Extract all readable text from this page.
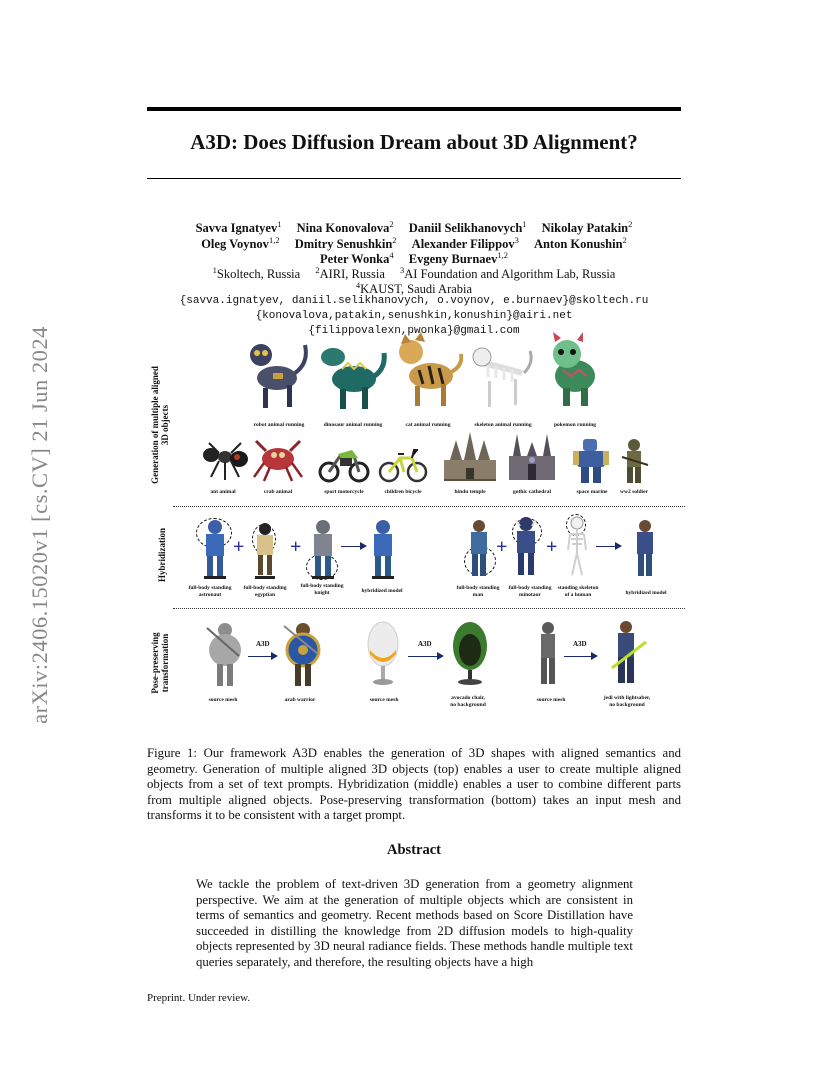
arXiv:2406.15020v1 [cs.CV] 21 Jun 2024
A3D: Does Diffusion Dream about 3D Alignment?
Savva Ignatyev$^1$ Nina Konovalova$^2$ Daniil Selikhanovych$^1$ Nikolay Patakin$^2$
Oleg Voynov$^{1,2}$ Dmitry Senushkin$^2$ Alexander Filippov$^3$ Anton Konushin$^2$
Peter Wonka$^4$ Evgeny Burnaev$^{1,2}$
$^1$Skoltech, Russia $^2$AIRI, Russia $^3$AI Foundation and Algorithm Lab, Russia
$^4$KAUST, Saudi Arabia
{savva.ignatyev, daniil.selikhanovych, o.voynov, e.burnaev}@skoltech.ru
{konovalova,patakin,senushkin,konushin}@airi.net
{filippovalexn,pwonka}@gmail.com
Generation of multiple aligned 3D objects
Hybridization
Pose-preserving transformation
robot animal running	dinosaur animal running	cat animal running	skeleton animal running	pokemon running
ant animal	crab animal	sport motorcycle	children bicycle	hindu temple	gothic cathedral	space marine ww2 soldier
+ +
full-body standing
astronaut
full-body standing
egyptian
full-body standing
knight	hybridized model
+ +
full-body standing
man
full-body standing
minotaur
standing skeleton
of a human	hybridized model
A3D	A3D	A3D
source mesh	arab warrior	source mesh	avocado chair,
no background
source mesh	jedi with lightsaber,
no background
Figure 1: Our framework A3D enables the generation of 3D shapes with aligned semantics and geometry. Generation of multiple aligned 3D objects (top) enables a user to create multiple aligned objects from a set of text prompts. Hybridization (middle) enables a user to combine different parts from multiple aligned objects. Pose-preserving transformation (bottom) takes an input mesh and transforms it to be consistent with a target prompt.
Abstract
We tackle the problem of text-driven 3D generation from a geometry alignment perspective. We aim at the generation of multiple objects which are consistent in terms of semantics and geometry. Recent methods based on Score Distillation have succeeded in distilling the knowledge from 2D diffusion models to high-quality objects represented by 3D neural radiance fields. These methods handle multiple text queries separately, and therefore, the resulting objects have a high
Preprint. Under review.
